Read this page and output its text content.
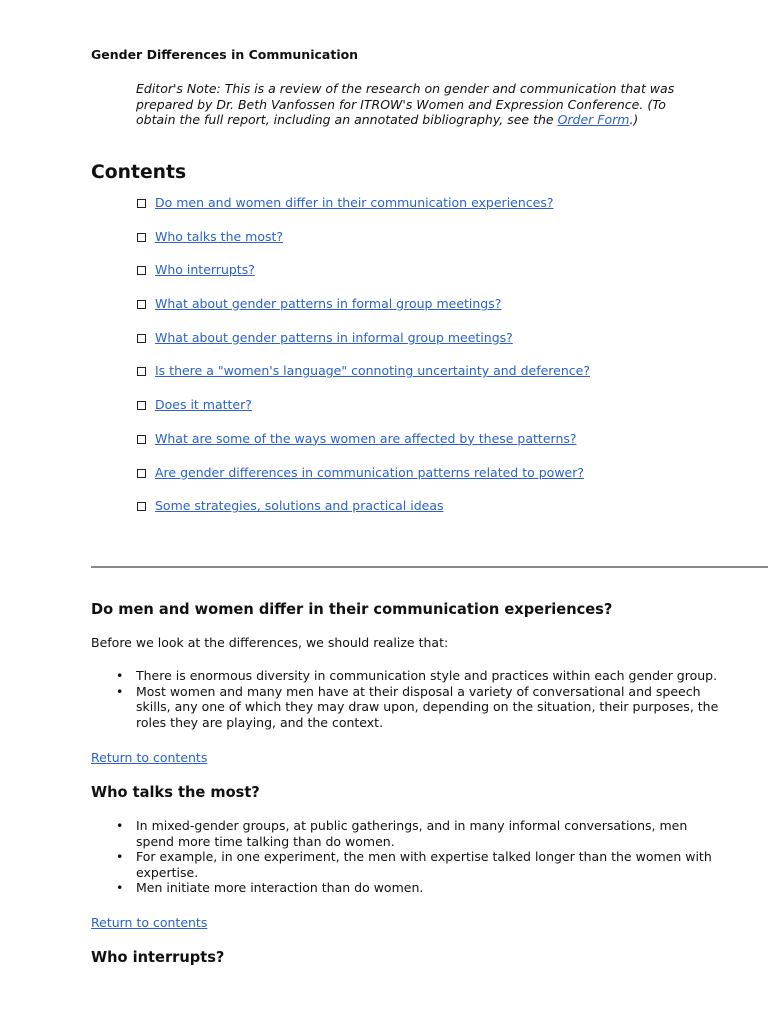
Gender Differences in Communication

Editor's Note: This is a review of the research on gender and communication that was prepared by Dr. Beth Vanfossen for ITROW's Women and Expression Conference. (To obtain the full report, including an annotated bibliography, see the Order Form.)

Contents
Do men and women differ in their communication experiences?
Who talks the most?
Who interrupts?
What about gender patterns in formal group meetings?
What about gender patterns in informal group meetings?
Is there a "women's language" connoting uncertainty and deference?
Does it matter?
What are some of the ways women are affected by these patterns?
Are gender differences in communication patterns related to power?
Some strategies, solutions and practical ideas
Do men and women differ in their communication experiences?

Before we look at the differences, we should realize that:

• There is enormous diversity in communication style and practices within each gender group.
• Most women and many men have at their disposal a variety of conversational and speech skills, any one of which they may draw upon, depending on the situation, their purposes, the roles they are playing, and the context.
Return to contents
Who talks the most?
• In mixed-gender groups, at public gatherings, and in many informal conversations, men spend more time talking than do women.
• For example, in one experiment, the men with expertise talked longer than the women with expertise.
• Men initiate more interaction than do women.
Return to contents
Who interrupts?
